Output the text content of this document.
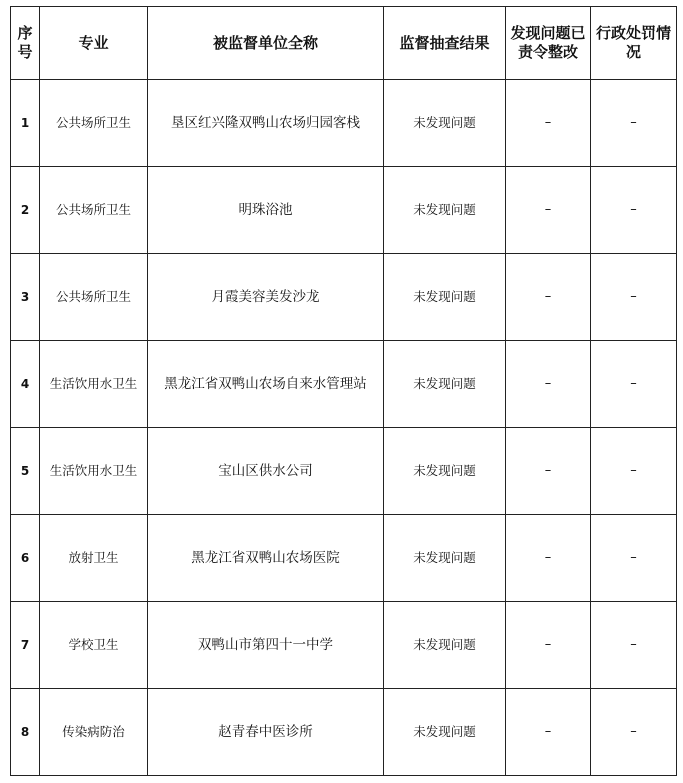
序号	专业	被监督单位全称	监督抽查结果	发现问题已责令整改	行政处罚情况
1	公共场所卫生	垦区红兴隆双鸭山农场归园客栈	未发现问题	–	–
2	公共场所卫生	明珠浴池	未发现问题	–	–
3	公共场所卫生	月霞美容美发沙龙	未发现问题	–	–
4	生活饮用水卫生	黑龙江省双鸭山农场自来水管理站	未发现问题	–	–
5	生活饮用水卫生	宝山区供水公司	未发现问题	–	–
6	放射卫生	黑龙江省双鸭山农场医院	未发现问题	–	–
7	学校卫生	双鸭山市第四十一中学	未发现问题	–	–
8	传染病防治	赵青春中医诊所	未发现问题	–	–
